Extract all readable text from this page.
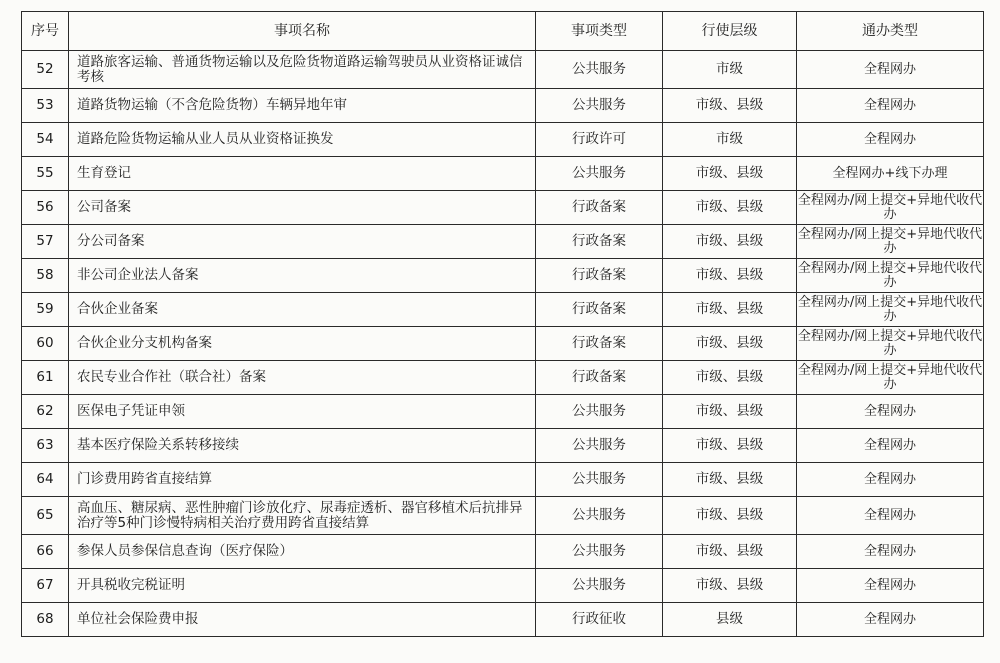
序号	事项名称	事项类型	行使层级	通办类型
52	道路旅客运输、普通货物运输以及危险货物道路运输驾驶员从业资格证诚信考核	公共服务	市级	全程网办
53	道路货物运输（不含危险货物）车辆异地年审	公共服务	市级、县级	全程网办
54	道路危险货物运输从业人员从业资格证换发	行政许可	市级	全程网办
55	生育登记	公共服务	市级、县级	全程网办+线下办理
56	公司备案	行政备案	市级、县级	全程网办/网上提交+异地代收代办
57	分公司备案	行政备案	市级、县级	全程网办/网上提交+异地代收代办
58	非公司企业法人备案	行政备案	市级、县级	全程网办/网上提交+异地代收代办
59	合伙企业备案	行政备案	市级、县级	全程网办/网上提交+异地代收代办
60	合伙企业分支机构备案	行政备案	市级、县级	全程网办/网上提交+异地代收代办
61	农民专业合作社（联合社）备案	行政备案	市级、县级	全程网办/网上提交+异地代收代办
62	医保电子凭证申领	公共服务	市级、县级	全程网办
63	基本医疗保险关系转移接续	公共服务	市级、县级	全程网办
64	门诊费用跨省直接结算	公共服务	市级、县级	全程网办
65	高血压、糖尿病、恶性肿瘤门诊放化疗、尿毒症透析、器官移植术后抗排异治疗等5种门诊慢特病相关治疗费用跨省直接结算	公共服务	市级、县级	全程网办
66	参保人员参保信息查询（医疗保险）	公共服务	市级、县级	全程网办
67	开具税收完税证明	公共服务	市级、县级	全程网办
68	单位社会保险费申报	行政征收	县级	全程网办
